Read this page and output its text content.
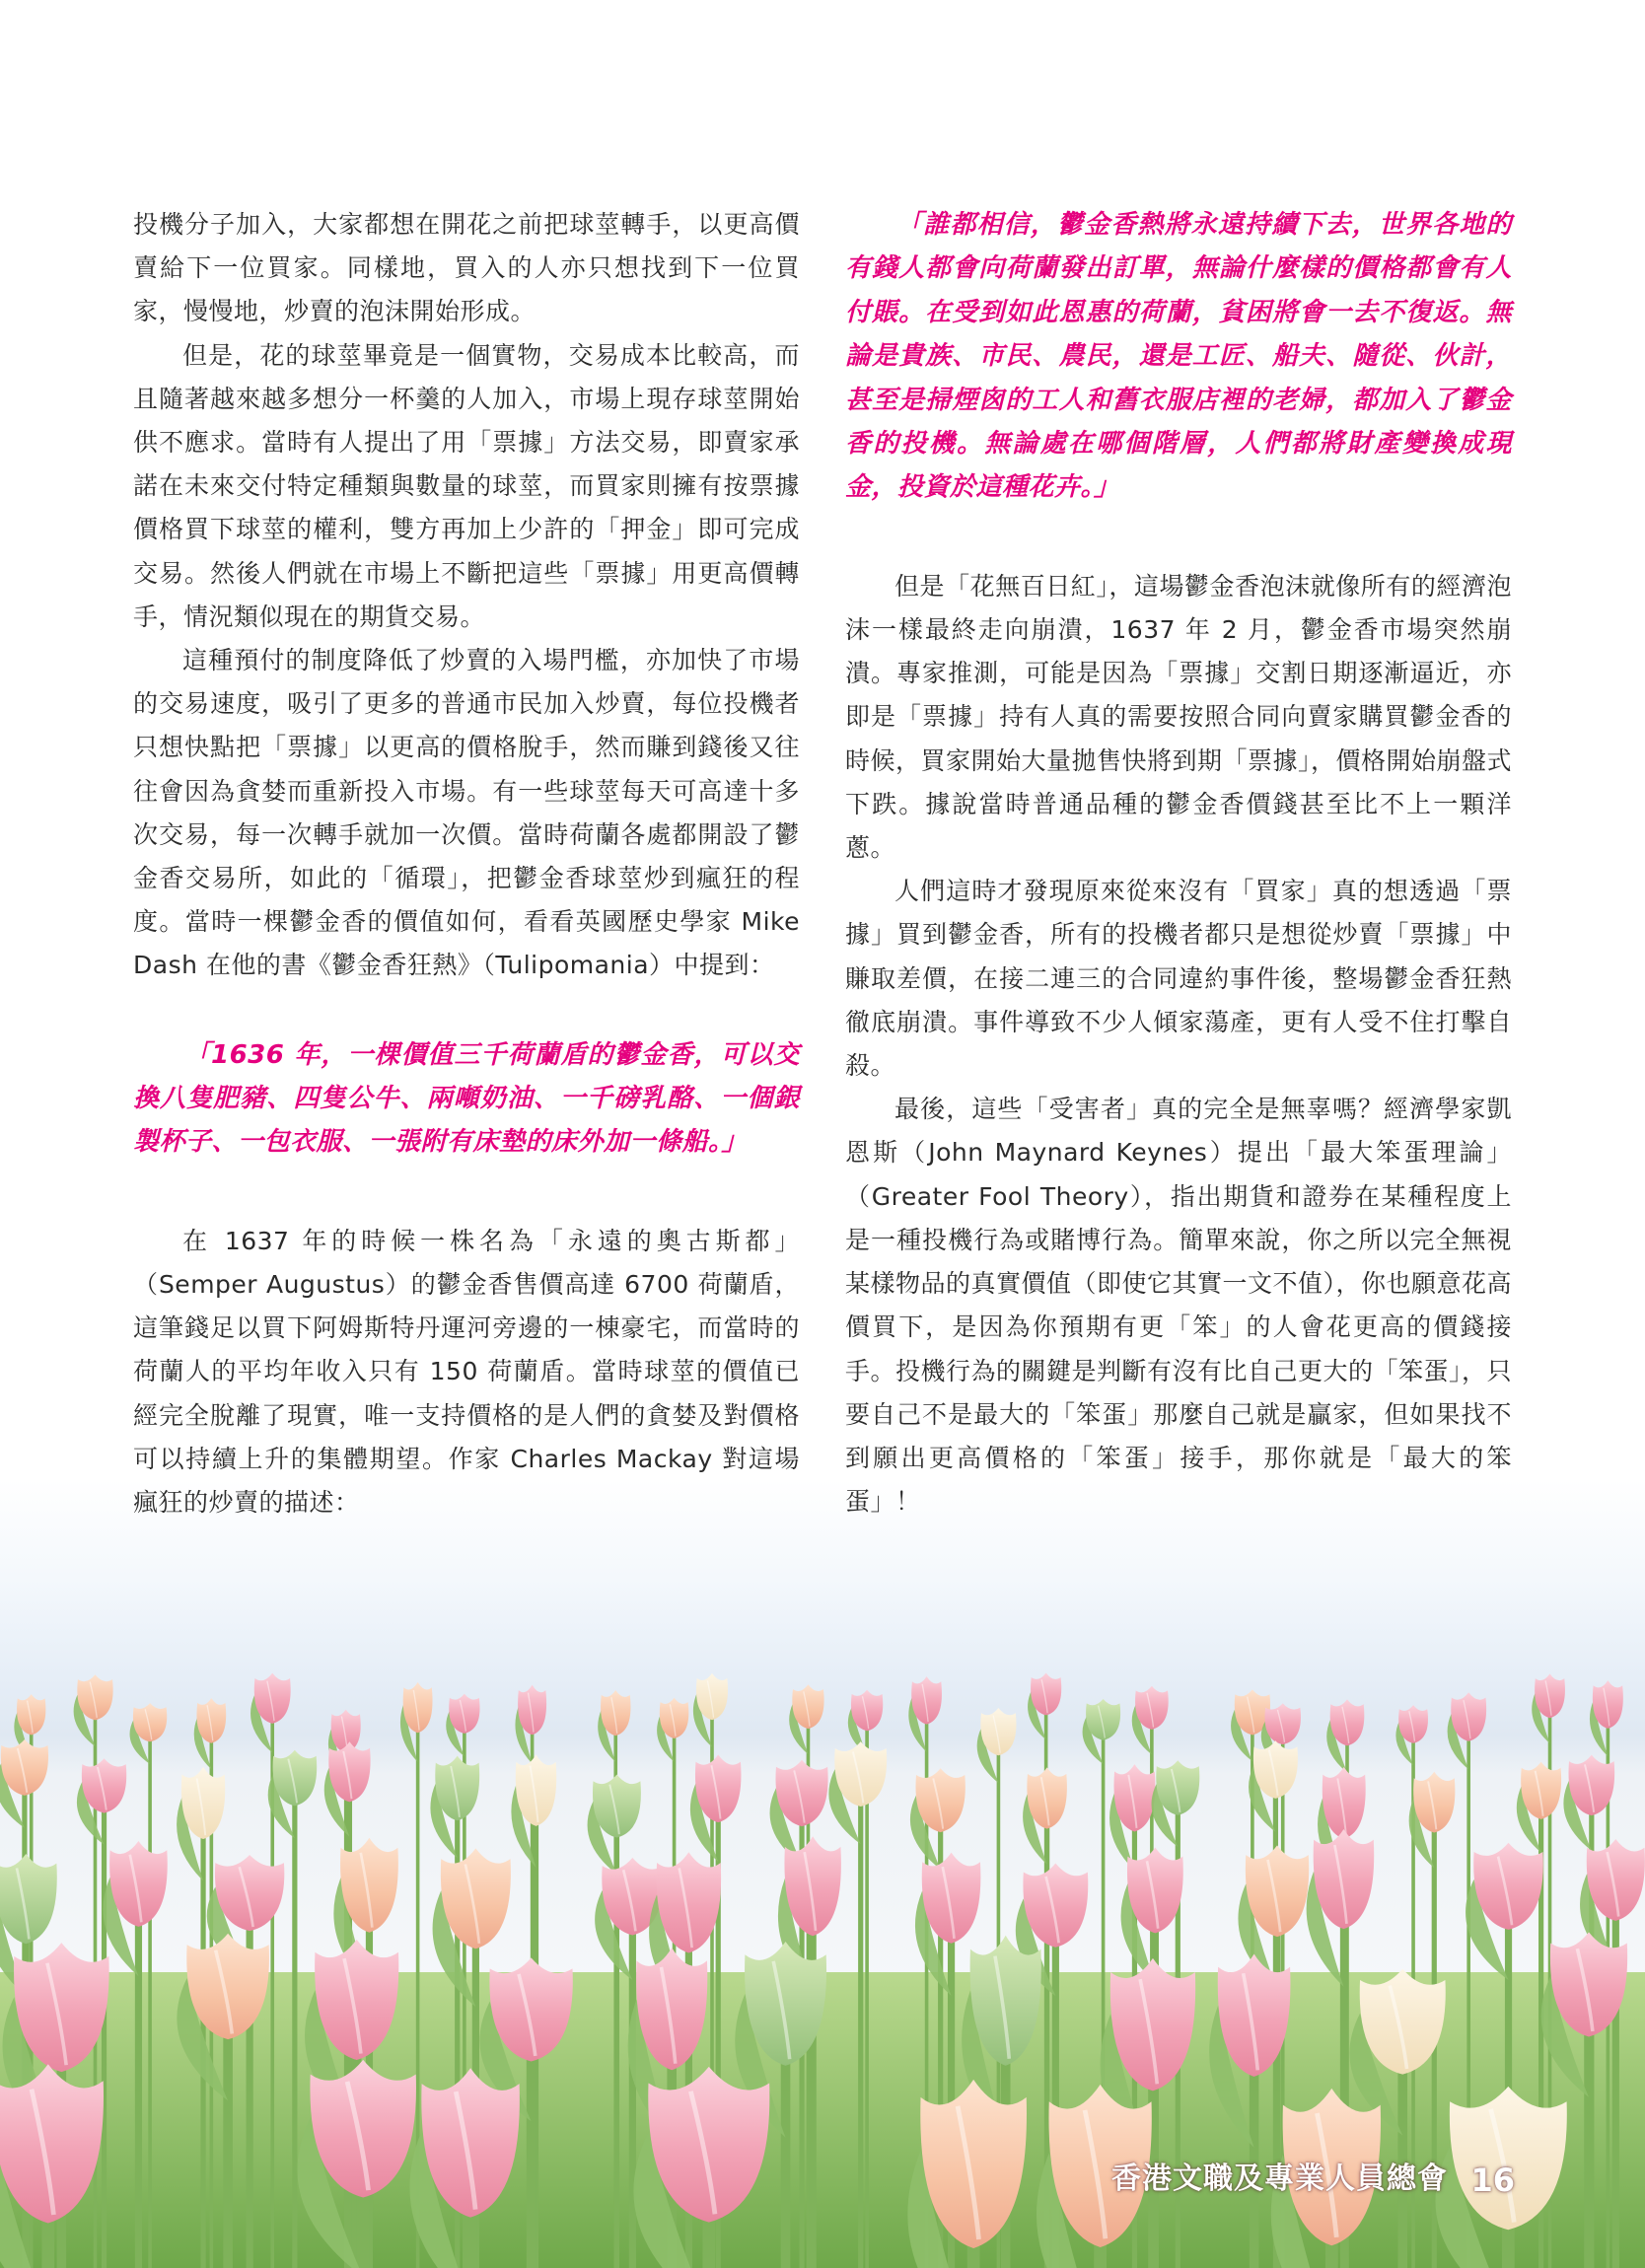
投機分子加入，大家都想在開花之前把球莖轉手，以更高價賣給下一位買家。同樣地，買入的人亦只想找到下一位買家，慢慢地，炒賣的泡沫開始形成。

但是，花的球莖畢竟是一個實物，交易成本比較高，而且隨著越來越多想分一杯羹的人加入，市場上現存球莖開始供不應求。當時有人提出了用「票據」方法交易，即賣家承諾在未來交付特定種類與數量的球莖，而買家則擁有按票據價格買下球莖的權利，雙方再加上少許的「押金」即可完成交易。然後人們就在市場上不斷把這些「票據」用更高價轉手，情況類似現在的期貨交易。

這種預付的制度降低了炒賣的入場門檻，亦加快了市場的交易速度，吸引了更多的普通市民加入炒賣，每位投機者只想快點把「票據」以更高的價格脫手，然而賺到錢後又往往會因為貪婪而重新投入市場。有一些球莖每天可高達十多次交易，每一次轉手就加一次價。當時荷蘭各處都開設了鬱金香交易所，如此的「循環」，把鬱金香球莖炒到瘋狂的程度。當時一棵鬱金香的價值如何，看看英國歷史學家 Mike Dash 在他的書《鬱金香狂熱》（Tulipomania）中提到：

「1636 年，一棵價值三千荷蘭盾的鬱金香，可以交換八隻肥豬、四隻公牛、兩噸奶油、一千磅乳酪、一個銀製杯子、一包衣服、一張附有床墊的床外加一條船。」

在 1637 年的時候一株名為「永遠的奧古斯都」（Semper Augustus）的鬱金香售價高達 6700 荷蘭盾，這筆錢足以買下阿姆斯特丹運河旁邊的一棟豪宅，而當時的荷蘭人的平均年收入只有 150 荷蘭盾。當時球莖的價值已經完全脫離了現實，唯一支持價格的是人們的貪婪及對價格可以持續上升的集體期望。作家 Charles Mackay 對這場瘋狂的炒賣的描述：

「誰都相信，鬱金香熱將永遠持續下去，世界各地的有錢人都會向荷蘭發出訂單，無論什麼樣的價格都會有人付賬。在受到如此恩惠的荷蘭，貧困將會一去不復返。無論是貴族、市民、農民，還是工匠、船夫、隨從、伙計，甚至是掃煙囪的工人和舊衣服店裡的老婦，都加入了鬱金香的投機。無論處在哪個階層，人們都將財產變換成現金，投資於這種花卉。」

但是「花無百日紅」，這場鬱金香泡沫就像所有的經濟泡沫一樣最終走向崩潰，1637 年 2 月，鬱金香市場突然崩潰。專家推測，可能是因為「票據」交割日期逐漸逼近，亦即是「票據」持有人真的需要按照合同向賣家購買鬱金香的時候，買家開始大量拋售快將到期「票據」，價格開始崩盤式下跌。據說當時普通品種的鬱金香價錢甚至比不上一顆洋蔥。

人們這時才發現原來從來沒有「買家」真的想透過「票據」買到鬱金香，所有的投機者都只是想從炒賣「票據」中賺取差價，在接二連三的合同違約事件後，整場鬱金香狂熱徹底崩潰。事件導致不少人傾家蕩產，更有人受不住打擊自殺。

最後，這些「受害者」真的完全是無辜嗎？經濟學家凱恩斯（John Maynard Keynes）提出「最大笨蛋理論」（Greater Fool Theory），指出期貨和證券在某種程度上是一種投機行為或賭博行為。簡單來說，你之所以完全無視某樣物品的真實價值（即使它其實一文不值），你也願意花高價買下，是因為你預期有更「笨」的人會花更高的價錢接手。投機行為的關鍵是判斷有沒有比自己更大的「笨蛋」，只要自己不是最大的「笨蛋」那麼自己就是贏家，但如果找不到願出更高價格的「笨蛋」接手，那你就是「最大的笨蛋」！

香港文職及專業人員總會 16
